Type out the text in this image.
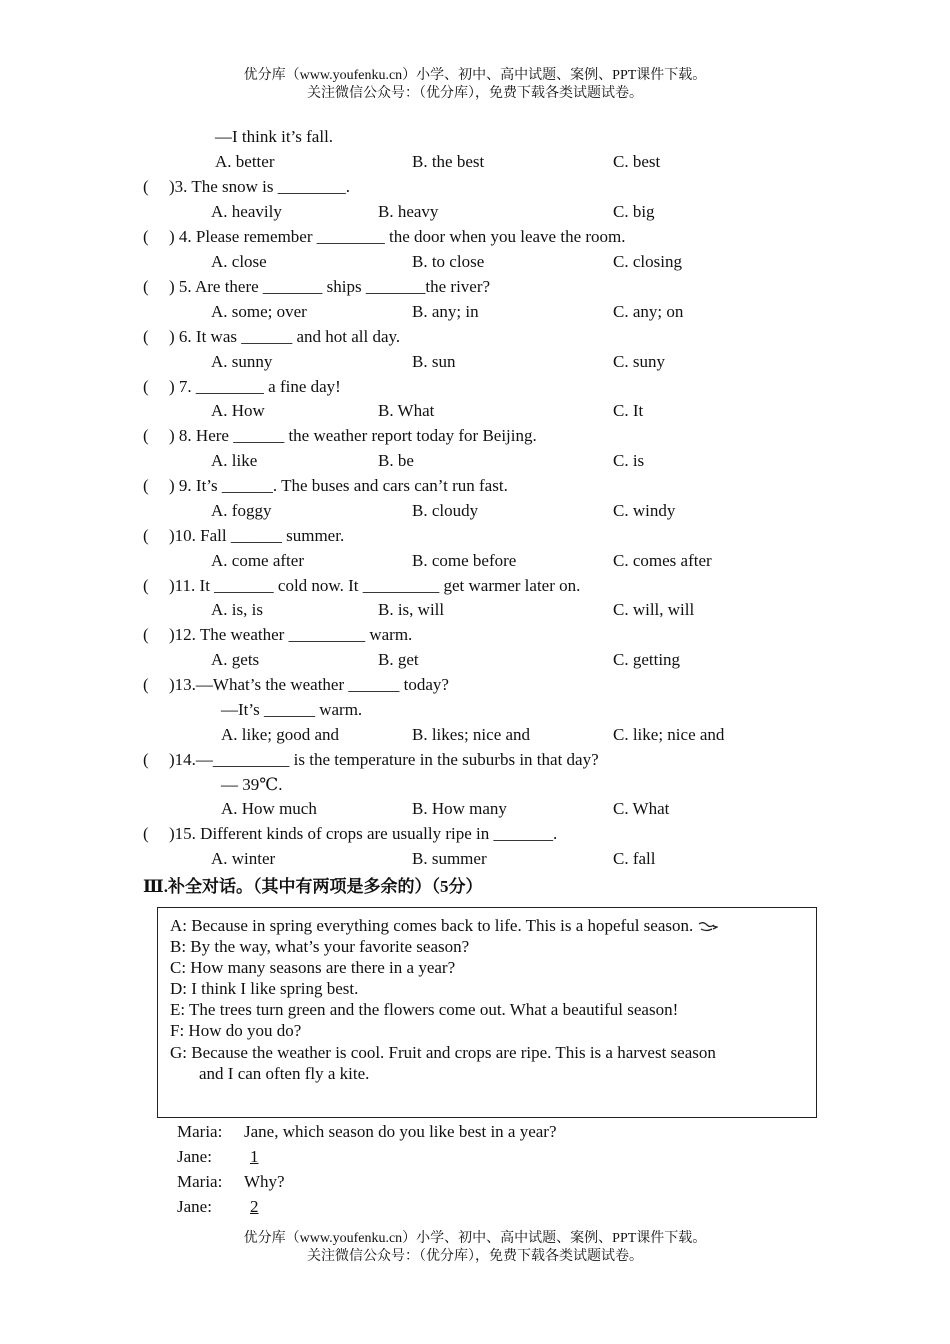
优分库（www.youfenku.cn）小学、初中、高中试题、案例、PPT课件下载。
关注微信公众号：（优分库），免费下载各类试题试卷。
—I think it’s fall.
A. better	B. the best	C. best
( )3. The snow is ________.
A. heavily	B. heavy	C. big
( ) 4. Please remember ________ the door when you leave the room.
A. close	B. to close	C. closing
( ) 5. Are there _______ ships _______the river?
A. some; over	B. any; in	C. any; on
( ) 6. It was ______ and hot all day.
A. sunny	B. sun	C. suny
( ) 7. ________ a fine day!
A. How	B. What	C. It
( ) 8. Here ______ the weather report today for Beijing.
A. like	B. be	C. is
( ) 9. It’s ______. The buses and cars can’t run fast.
A. foggy	B. cloudy	C. windy
( )10. Fall ______ summer.
A. come after	B. come before	C. comes after
( )11. It _______ cold now. It _________ get warmer later on.
A. is, is	B. is, will	C. will, will
( )12. The weather _________ warm.
A. gets	B. get	C. getting
( )13.—What’s the weather ______ today?
—It’s ______ warm.
A. like; good and	B. likes; nice and	C. like; nice and
( )14.—_________ is the temperature in the suburbs in that day?
— 39℃.
A. How much	B. How many	C. What
( )15. Different kinds of crops are usually ripe in _______.
A. winter	B. summer	C. fall
Ⅲ.补全对话。（其中有两项是多余的）（5分）
A: Because in spring everything comes back to life. This is a hopeful season.
B: By the way, what’s your favorite season?
C: How many seasons are there in a year?
D: I think I like spring best.
E: The trees turn green and the flowers come out. What a beautiful season!
F: How do you do?
G: Because the weather is cool. Fruit and crops are ripe. This is a harvest season
and I can often fly a kite.
Maria: Jane, which season do you like best in a year?
Jane:	1
Maria: Why?
Jane:	2
优分库（www.youfenku.cn）小学、初中、高中试题、案例、PPT课件下载。
关注微信公众号：（优分库），免费下载各类试题试卷。
